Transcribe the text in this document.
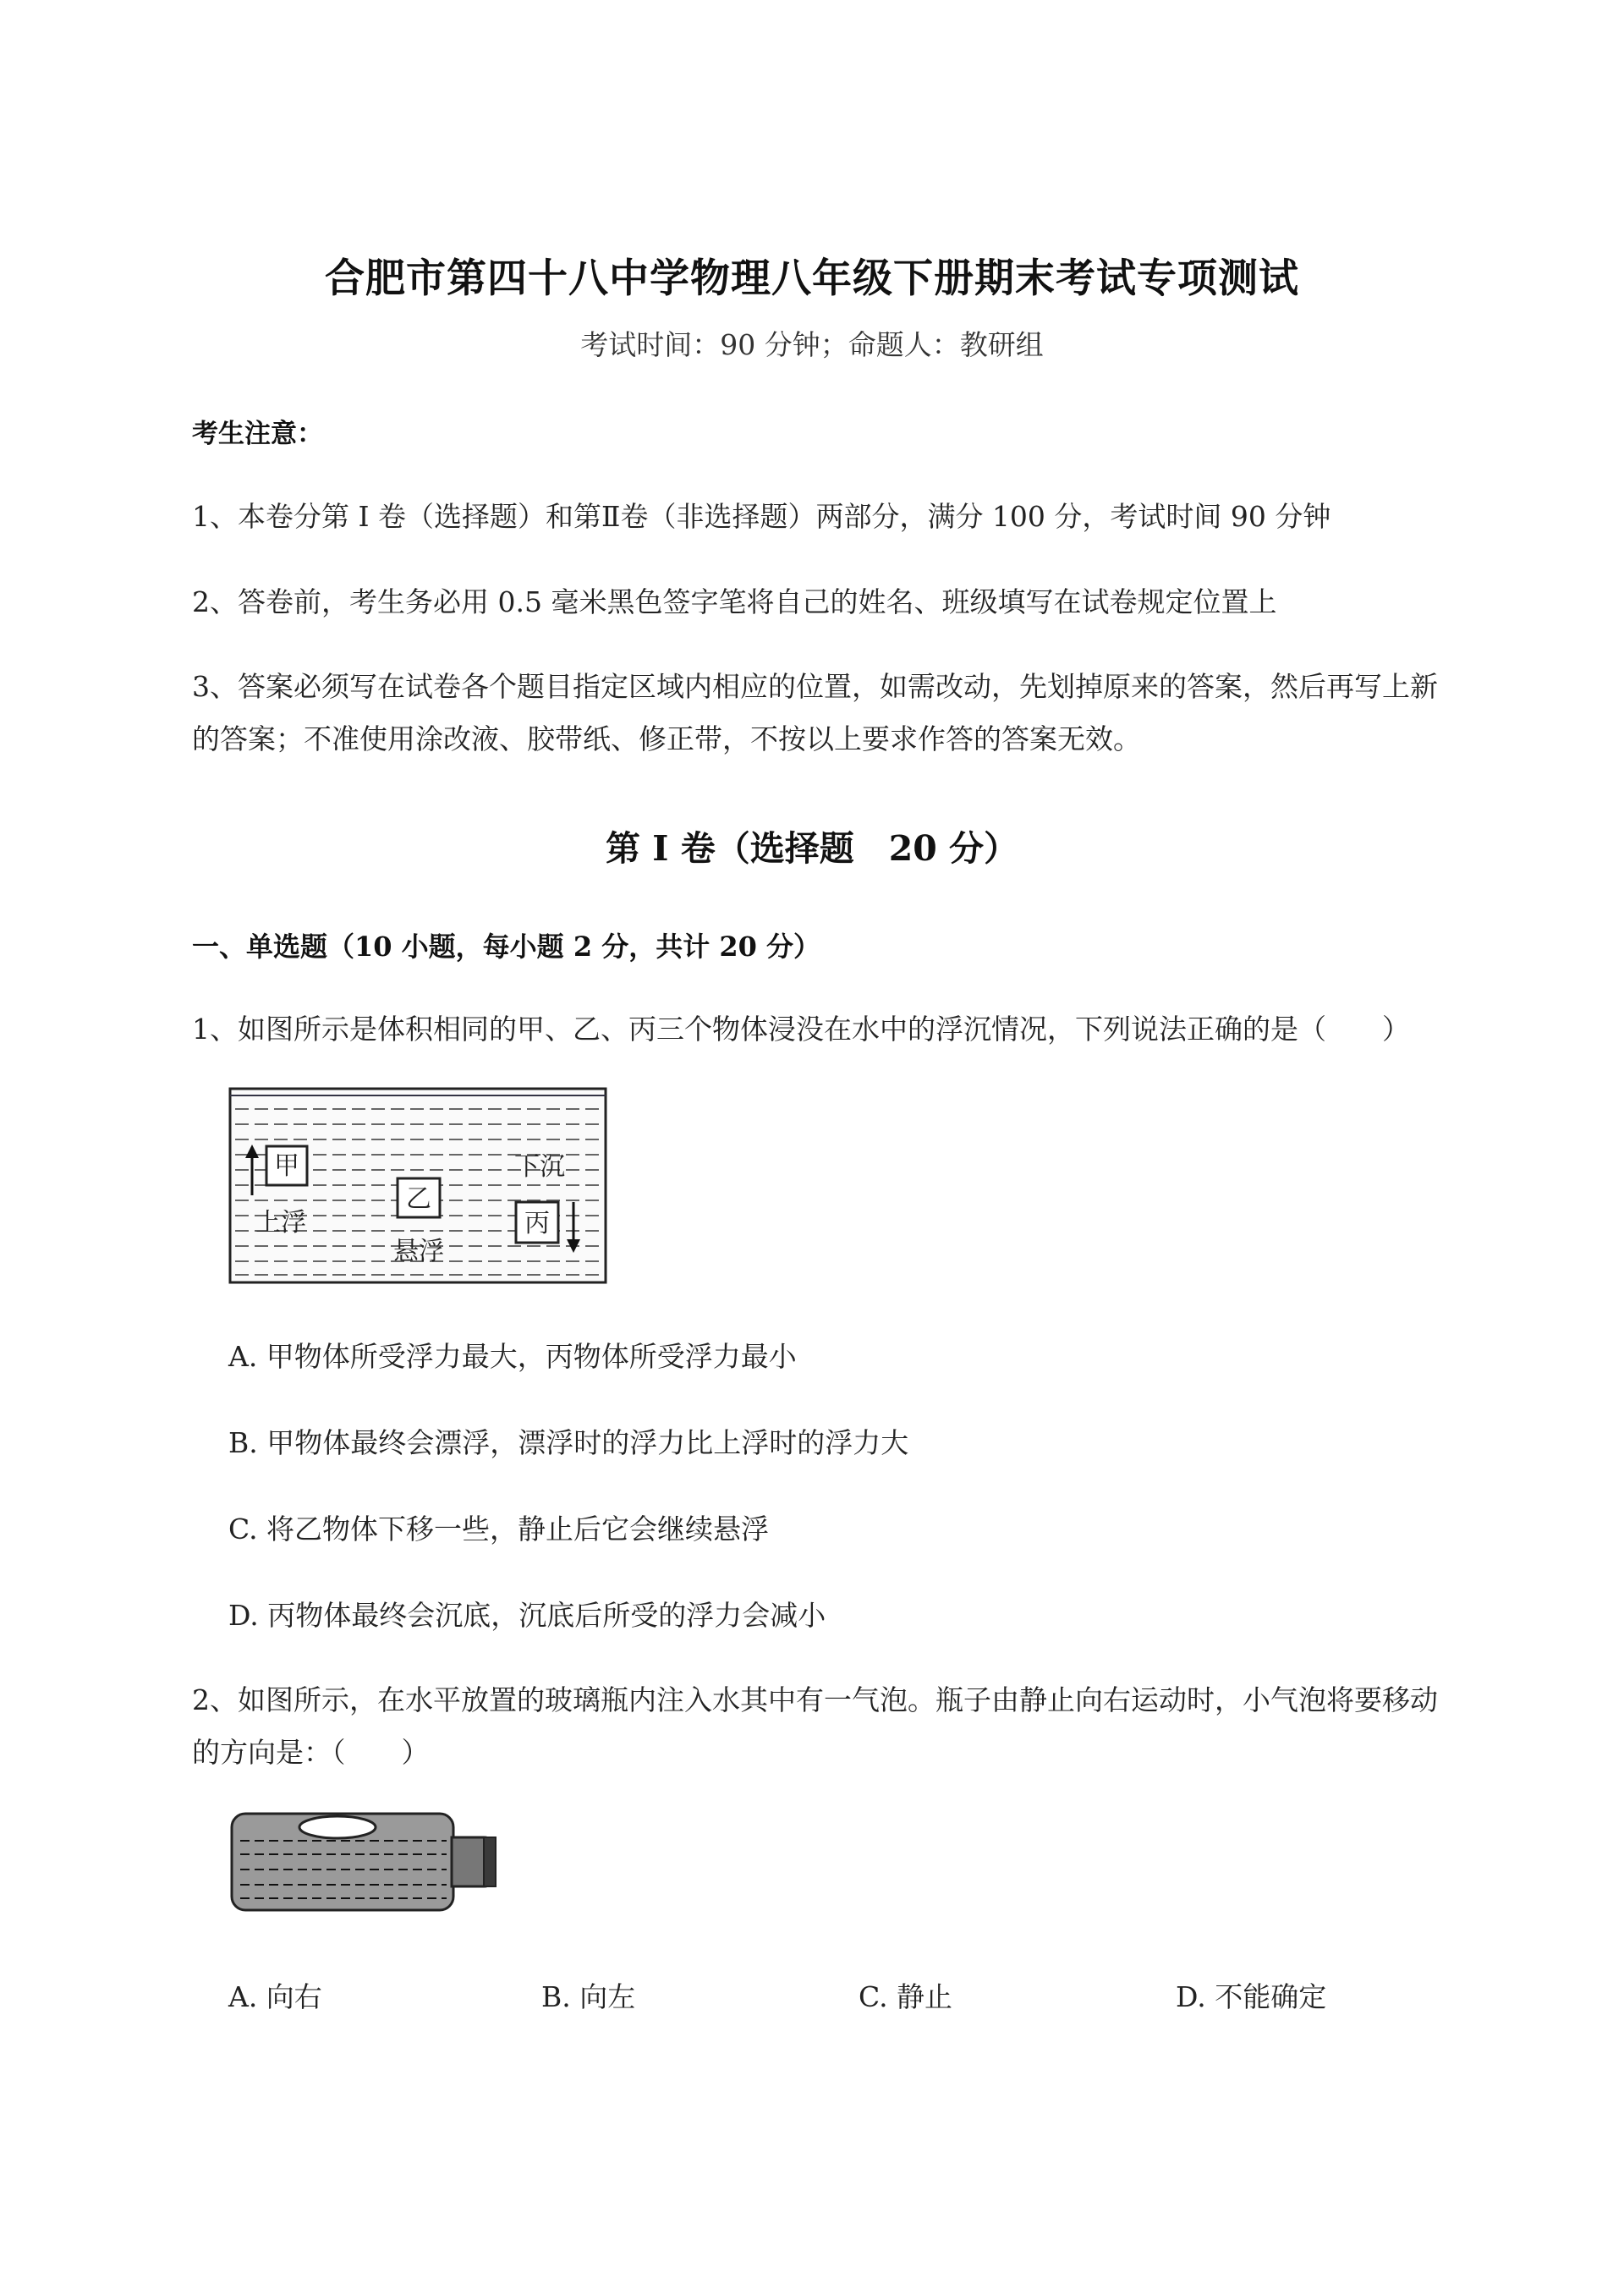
合肥市第四十八中学物理八年级下册期末考试专项测试
考试时间：90 分钟；命题人：教研组
考生注意：
1、本卷分第 I 卷（选择题）和第Ⅱ卷（非选择题）两部分，满分 100 分，考试时间 90 分钟
2、答卷前，考生务必用 0.5 毫米黑色签字笔将自己的姓名、班级填写在试卷规定位置上
3、答案必须写在试卷各个题目指定区域内相应的位置，如需改动，先划掉原来的答案，然后再写上新
的答案；不准使用涂改液、胶带纸、修正带，不按以上要求作答的答案无效。
第 I 卷（选择题　20 分）
一、单选题（10 小题，每小题 2 分，共计 20 分）
1、如图所示是体积相同的甲、乙、丙三个物体浸没在水中的浮沉情况，下列说法正确的是（　　）
甲
上浮
乙
悬浮
下沉
丙
A. 甲物体所受浮力最大，丙物体所受浮力最小
B. 甲物体最终会漂浮，漂浮时的浮力比上浮时的浮力大
C. 将乙物体下移一些，静止后它会继续悬浮
D. 丙物体最终会沉底，沉底后所受的浮力会减小
2、如图所示，在水平放置的玻璃瓶内注入水其中有一气泡。瓶子由静止向右运动时，小气泡将要移动
的方向是：（　　）
A. 向右	B. 向左	C. 静止	D. 不能确定
